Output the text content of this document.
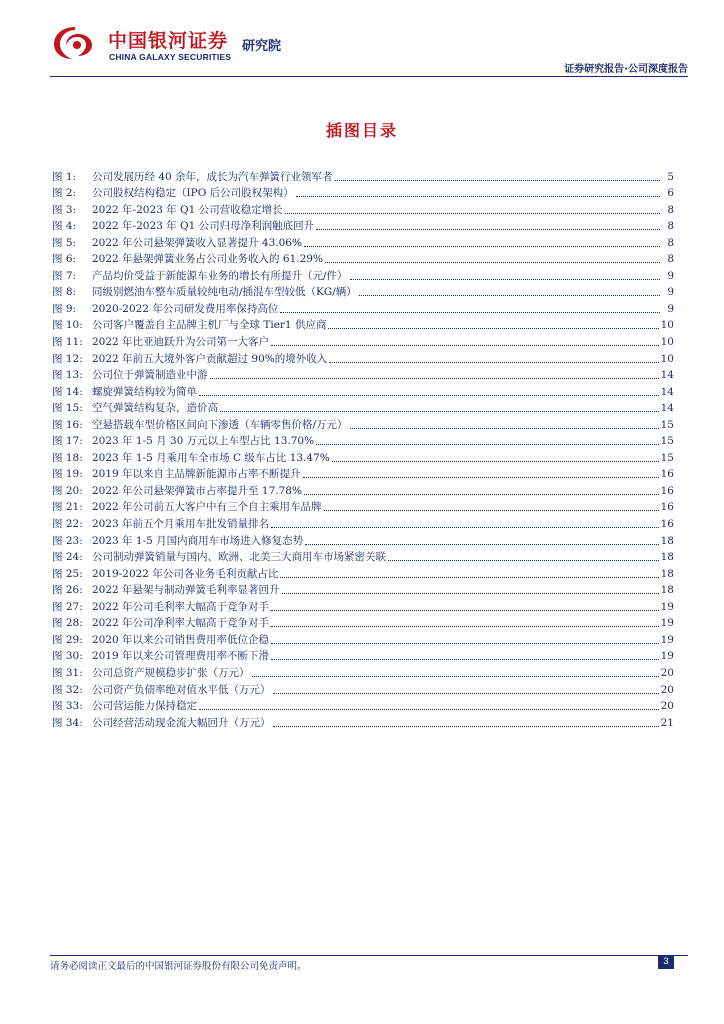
中国银河证券
CHINA GALAXY SECURITIES
研究院
证券研究报告·公司深度报告
插图目录
图 1:	公司发展历经 40 余年，成长为汽车弹簧行业领军者	5
图 2:	公司股权结构稳定（IPO 后公司股权架构）	6
图 3:	2022 年-2023 年 Q1 公司营收稳定增长	8
图 4:	2022 年-2023 年 Q1 公司归母净利润触底回升	8
图 5:	2022 年公司悬架弹簧收入显著提升 43.06%	8
图 6:	2022 年悬架弹簧业务占公司业务收入的 61.29%	8
图 7:	产品均价受益于新能源车业务的增长有所提升（元/件）	9
图 8:	同级别燃油车整车质量较纯电动/插混车型较低（KG/辆）	9
图 9:	2020-2022 年公司研发费用率保持高位	9
图 10: 公司客户覆盖自主品牌主机厂与全球 Tier1 供应商	10
图 11: 2022 年比亚迪跃升为公司第一大客户	10
图 12: 2022 年前五大境外客户贡献超过 90%的境外收入	10
图 13: 公司位于弹簧制造业中游	14
图 14: 螺旋弹簧结构较为简单	14
图 15: 空气弹簧结构复杂，造价高	14
图 16: 空悬搭载车型价格区间向下渗透（车辆零售价格/万元）	15
图 17: 2023 年 1-5 月 30 万元以上车型占比 13.70%	15
图 18: 2023 年 1-5 月乘用车全市场 C 级车占比 13.47%	15
图 19: 2019 年以来自主品牌新能源市占率不断提升	16
图 20: 2022 年公司悬架弹簧市占率提升至 17.78%	16
图 21: 2022 年公司前五大客户中有三个自主乘用车品牌	16
图 22: 2023 年前五个月乘用车批发销量排名	16
图 23: 2023 年 1-5 月国内商用车市场进入修复态势	18
图 24: 公司制动弹簧销量与国内、欧洲、北美三大商用车市场紧密关联	18
图 25: 2019-2022 年公司各业务毛利贡献占比	18
图 26: 2022 年悬架与制动弹簧毛利率显著回升	18
图 27: 2022 年公司毛利率大幅高于竞争对手	19
图 28: 2022 年公司净利率大幅高于竞争对手	19
图 29: 2020 年以来公司销售费用率低位企稳	19
图 30: 2019 年以来公司管理费用率不断下滑	19
图 31: 公司总资产规模稳步扩张（万元）	20
图 32: 公司资产负债率绝对值水平低（万元）	20
图 33: 公司营运能力保持稳定	20
图 34: 公司经营活动现金流大幅回升（万元）	21
请务必阅读正文最后的中国银河证券股份有限公司免责声明。	3
